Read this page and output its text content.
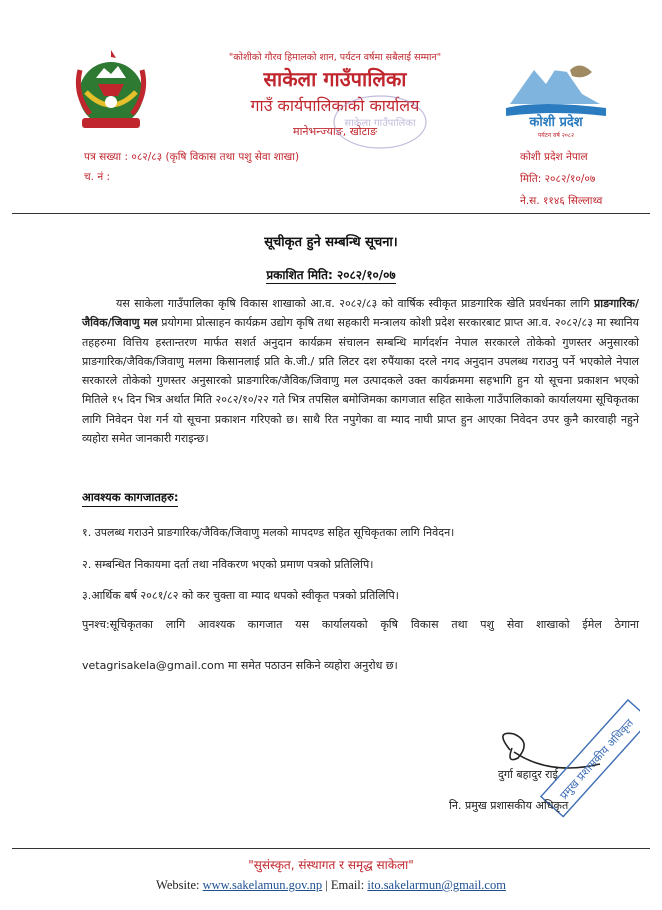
"कोशीको गौरव हिमालको शान, पर्यटन वर्षमा सबैलाई सम्मान"
साकेला गाउँपालिका
गाउँ कार्यपालिकाको कार्यालय
मानेभन्ज्याङ, खोटाङ
साकेला गाउँपालिका	कोशी प्रदेश
पर्यटन वर्ष २०८२
पत्र सख्या : ०८२/८३ (कृषि विकास तथा पशु सेवा शाखा)
च. नं :
कोशी प्रदेश नेपाल
मिति: २०८२/१०/०७
ने.स. ११४६ सिल्लाथ्व
सूचीकृत हुने सम्बन्धि सूचना।
प्रकाशित मिति: २०८२/१०/०७
यस साकेला गाउँपालिका कृषि विकास शाखाको आ.व. २०८२/८३ को वार्षिक स्वीकृत प्राङगारिक खेति प्रवर्धनका लागि प्राङगारिक/जैविक/जिवाणु मल प्रयोगमा प्रोत्साहन कार्यक्रम उद्योग कृषि तथा सहकारी मन्त्रालय कोशी प्रदेश सरकारबाट प्राप्त आ.व. २०८२/८३ मा स्थानिय तहहरुमा वित्तिय हस्तान्तरण मार्फत सशर्त अनुदान कार्यक्रम संचालन सम्बन्धि मार्गदर्शन नेपाल सरकारले तोकेको गुणस्तर अनुसारको प्राङगारिक/जैविक/जिवाणु मलमा किसानलाई प्रति के.जी./ प्रति लिटर दश रुपैंयाका दरले नगद अनुदान उपलब्ध गराउनु पर्ने भएकोले नेपाल सरकारले तोकेको गुणस्तर अनुसारको प्राङगारिक/जैविक/जिवाणु मल उत्पादकले उक्त कार्यक्रममा सहभागि हुन यो सूचना प्रकाशन भएको मितिले १५ दिन भित्र अर्थात मिति २०८२/१०/२२ गते भित्र तपसिल बमोजिमका कागजात सहित साकेला गाउँपालिकाको कार्यालयमा सूचिकृतका लागि निवेदन पेश गर्न यो सूचना प्रकाशन गरिएको छ। साथै रित नपुगेका वा म्याद नाघी प्राप्त हुन आएका निवेदन उपर कुनै कारवाही नहुने व्यहोरा समेत जानकारी गराइन्छ।
आवश्यक कागजातहरु:
१. उपलब्ध गराउने प्राङगारिक/जैविक/जिवाणु मलको मापदण्ड सहित सूचिकृतका लागि निवेदन।
२. सम्बन्धित निकायमा दर्ता तथा नविकरण भएको प्रमाण पत्रको प्रतिलिपि।
३.आर्थिक बर्ष २०८१/८२ को कर चुक्ता वा म्याद थपको स्वीकृत पत्रको प्रतिलिपि।
पुनश्च:सूचिकृतका लागि आवश्यक कागजात यस कार्यालयको कृषि विकास तथा पशु सेवा शाखाको ईमेल ठेगाना
vetagrisakela@gmail.com मा समेत पठाउन सकिने व्यहोरा अनुरोध छ।
प्रमुख प्रशासकीय अधिकृत
दुर्गा बहादुर राई
नि. प्रमुख प्रशासकीय अधिकृत
"सुसंस्कृत, संस्थागत र समृद्ध साकेला"
Website: www.sakelamun.gov.np | Email: ito.sakelarmun@gmail.com
